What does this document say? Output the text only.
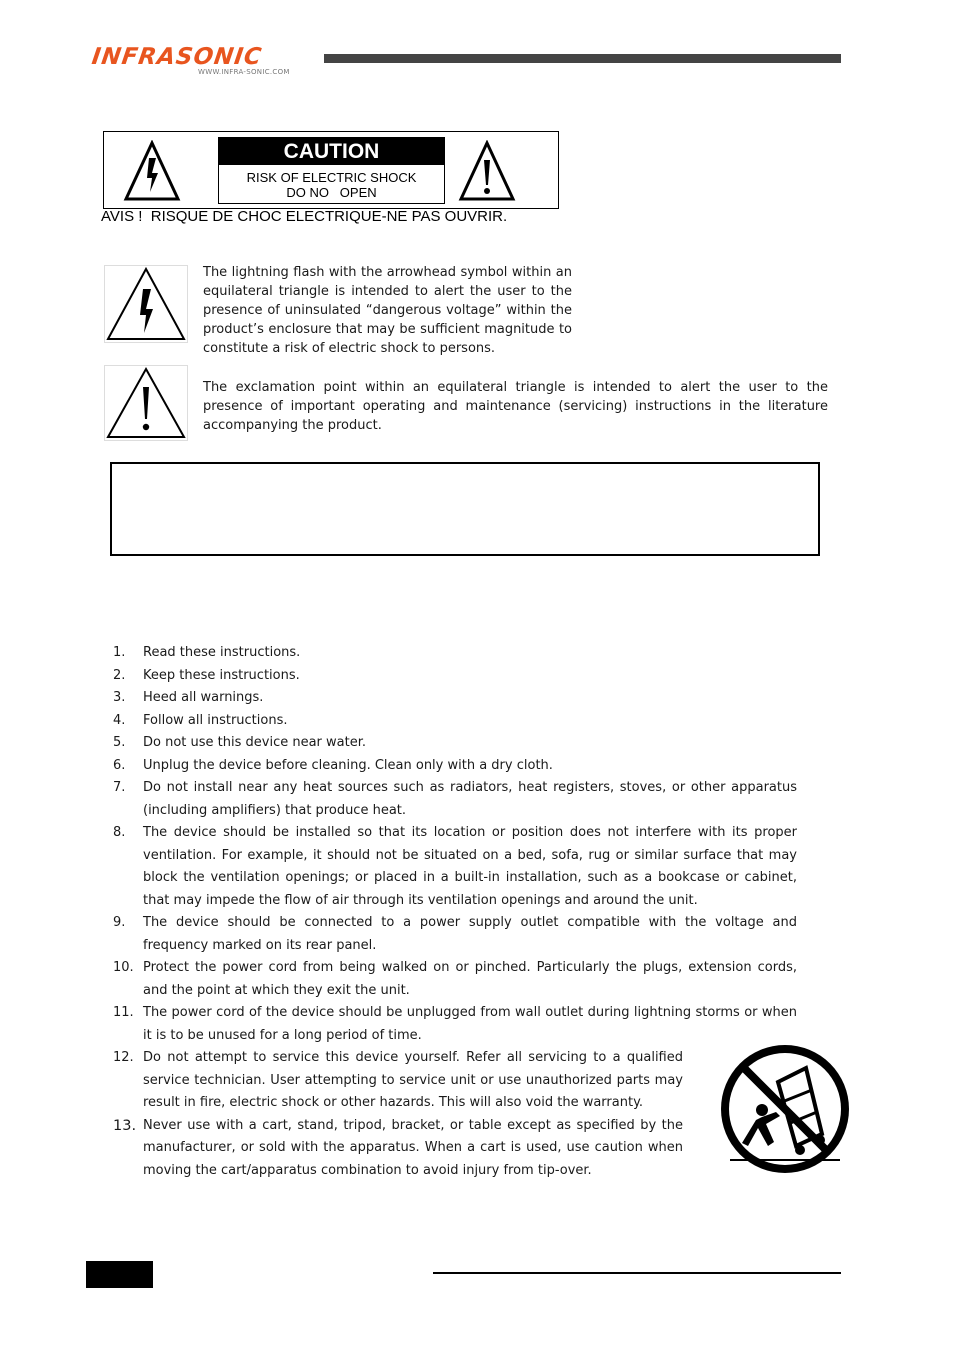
INFRASONIC
WWW.INFRA-SONIC.COM
CAUTION
RISK OF ELECTRIC SHOCK
DO NO   OPEN
AVIS !  RISQUE DE CHOC ELECTRIQUE-NE PAS OUVRIR.
The lightning flash with the arrowhead symbol within an equilateral triangle is intended to alert the user to the presence of uninsulated “dangerous voltage” within the product’s enclosure that may be sufficient magnitude to constitute a risk of electric shock to persons.
The exclamation point within an equilateral triangle is intended to alert the user to the presence of important operating and maintenance (servicing) instructions in the literature accompanying the product.
1. Read these instructions.
2. Keep these instructions.
3. Heed all warnings.
4. Follow all instructions.
5. Do not use this device near water.
6. Unplug the device before cleaning. Clean only with a dry cloth.
7. Do not install near any heat sources such as radiators, heat registers, stoves, or other apparatus (including amplifiers) that produce heat.
8. The device should be installed so that its location or position does not interfere with its proper ventilation. For example, it should not be situated on a bed, sofa, rug or similar surface that may block the ventilation openings; or placed in a built-in installation, such as a bookcase or cabinet, that may impede the flow of air through its ventilation openings and around the unit.
9. The device should be connected to a power supply outlet compatible with the voltage and frequency marked on its rear panel.
10. Protect the power cord from being walked on or pinched. Particularly the plugs, extension cords, and the point at which they exit the unit.
11. The power cord of the device should be unplugged from wall outlet during lightning storms or when it is to be unused for a long period of time.
12. Do not attempt to service this device yourself. Refer all servicing to a qualified service technician. User attempting to service unit or use unauthorized parts may result in fire, electric shock or other hazards. This will also void the warranty.
13. Never use with a cart, stand, tripod, bracket, or table except as specified by the manufacturer, or sold with the apparatus. When a cart is used, use caution when moving the cart/apparatus combination to avoid injury from tip-over.
